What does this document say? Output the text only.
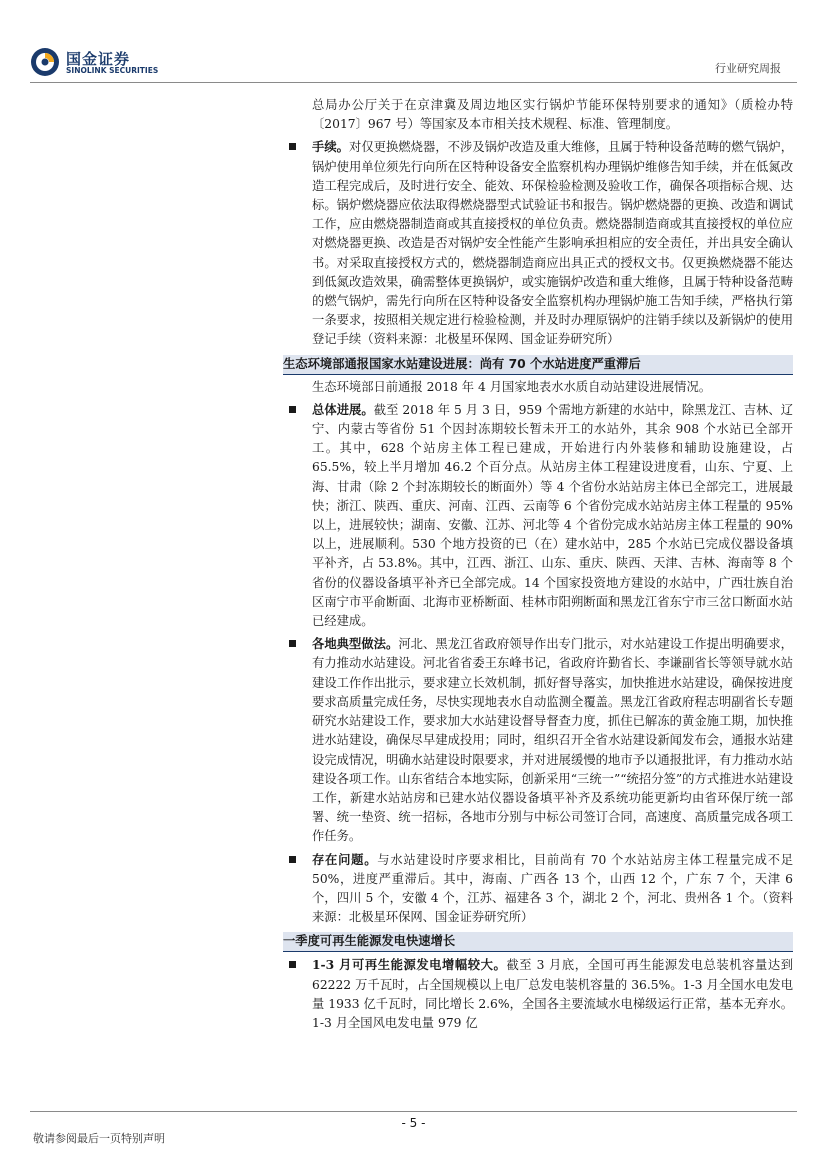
国金证券
SINOLINK SECURITIES	行业研究周报

总局办公厅关于在京津冀及周边地区实行锅炉节能环保特别要求的通知》（质检办特〔2017〕967 号）等国家及本市相关技术规程、标准、管理制度。

手续。对仅更换燃烧器，不涉及锅炉改造及重大维修，且属于特种设备范畴的燃气锅炉，锅炉使用单位须先行向所在区特种设备安全监察机构办理锅炉维修告知手续，并在低氮改造工程完成后，及时进行安全、能效、环保检验检测及验收工作，确保各项指标合规、达标。锅炉燃烧器应依法取得燃烧器型式试验证书和报告。锅炉燃烧器的更换、改造和调试工作，应由燃烧器制造商或其直接授权的单位负责。燃烧器制造商或其直接授权的单位应对燃烧器更换、改造是否对锅炉安全性能产生影响承担相应的安全责任，并出具安全确认书。对采取直接授权方式的，燃烧器制造商应出具正式的授权文书。仅更换燃烧器不能达到低氮改造效果，确需整体更换锅炉，或实施锅炉改造和重大维修，且属于特种设备范畴的燃气锅炉，需先行向所在区特种设备安全监察机构办理锅炉施工告知手续，严格执行第一条要求，按照相关规定进行检验检测，并及时办理原锅炉的注销手续以及新锅炉的使用登记手续（资料来源：北极星环保网、国金证券研究所）

生态环境部通报国家水站建设进展：尚有 70 个水站进度严重滞后

生态环境部日前通报 2018 年 4 月国家地表水水质自动站建设进展情况。

总体进展。截至 2018 年 5 月 3 日，959 个需地方新建的水站中，除黑龙江、吉林、辽宁、内蒙古等省份 51 个因封冻期较长暂未开工的水站外，其余 908 个水站已全部开工。其中，628 个站房主体工程已建成，开始进行内外装修和辅助设施建设，占 65.5%，较上半月增加 46.2 个百分点。从站房主体工程建设进度看，山东、宁夏、上海、甘肃（除 2 个封冻期较长的断面外）等 4 个省份水站站房主体已全部完工，进展最快；浙江、陕西、重庆、河南、江西、云南等 6 个省份完成水站站房主体工程量的 95%以上，进展较快；湖南、安徽、江苏、河北等 4 个省份完成水站站房主体工程量的 90%以上，进展顺利。530 个地方投资的已（在）建水站中，285 个水站已完成仪器设备填平补齐，占 53.8%。其中，江西、浙江、山东、重庆、陕西、天津、吉林、海南等 8 个省份的仪器设备填平补齐已全部完成。14 个国家投资地方建设的水站中，广西壮族自治区南宁市平俞断面、北海市亚桥断面、桂林市阳朔断面和黑龙江省东宁市三岔口断面水站已经建成。

各地典型做法。河北、黑龙江省政府领导作出专门批示，对水站建设工作提出明确要求，有力推动水站建设。河北省省委王东峰书记，省政府许勤省长、李谦副省长等领导就水站建设工作作出批示，要求建立长效机制，抓好督导落实，加快推进水站建设，确保按进度要求高质量完成任务，尽快实现地表水自动监测全覆盖。黑龙江省政府程志明副省长专题研究水站建设工作，要求加大水站建设督导督查力度，抓住已解冻的黄金施工期，加快推进水站建设，确保尽早建成投用；同时，组织召开全省水站建设新闻发布会，通报水站建设完成情况，明确水站建设时限要求，并对进展缓慢的地市予以通报批评，有力推动水站建设各项工作。山东省结合本地实际，创新采用“三统一”“统招分签”的方式推进水站建设工作，新建水站站房和已建水站仪器设备填平补齐及系统功能更新均由省环保厅统一部署、统一垫资、统一招标，各地市分别与中标公司签订合同，高速度、高质量完成各项工作任务。

存在问题。与水站建设时序要求相比，目前尚有 70 个水站站房主体工程量完成不足 50%，进度严重滞后。其中，海南、广西各 13 个，山西 12 个，广东 7 个，天津 6 个，四川 5 个，安徽 4 个，江苏、福建各 3 个，湖北 2 个，河北、贵州各 1 个。（资料来源：北极星环保网、国金证券研究所）

一季度可再生能源发电快速增长

1-3 月可再生能源发电增幅较大。截至 3 月底，全国可再生能源发电总装机容量达到 62222 万千瓦时，占全国规模以上电厂总发电装机容量的 36.5%。1-3 月全国水电发电量 1933 亿千瓦时，同比增长 2.6%，全国各主要流域水电梯级运行正常，基本无弃水。1-3 月全国风电发电量 979 亿

- 5 -
敬请参阅最后一页特别声明
